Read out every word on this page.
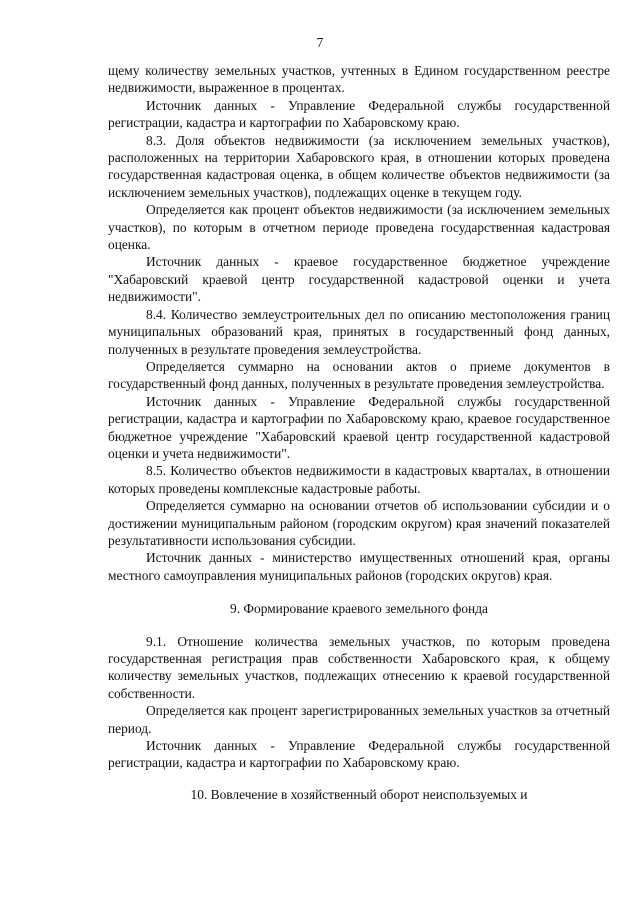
7

щему количеству земельных участков, учтенных в Едином государственном реестре недвижимости, выраженное в процентах.

Источник данных - Управление Федеральной службы государственной регистрации, кадастра и картографии по Хабаровскому краю.

8.3. Доля объектов недвижимости (за исключением земельных участков), расположенных на территории Хабаровского края, в отношении которых проведена государственная кадастровая оценка, в общем количестве объектов недвижимости (за исключением земельных участков), подлежащих оценке в текущем году.

Определяется как процент объектов недвижимости (за исключением земельных участков), по которым в отчетном периоде проведена государственная кадастровая оценка.

Источник данных - краевое государственное бюджетное учреждение "Хабаровский краевой центр государственной кадастровой оценки и учета недвижимости".

8.4. Количество землеустроительных дел по описанию местоположения границ муниципальных образований края, принятых в государственный фонд данных, полученных в результате проведения землеустройства.

Определяется суммарно на основании актов о приеме документов в государственный фонд данных, полученных в результате проведения землеустройства.

Источник данных - Управление Федеральной службы государственной регистрации, кадастра и картографии по Хабаровскому краю, краевое государственное бюджетное учреждение "Хабаровский краевой центр государственной кадастровой оценки и учета недвижимости".

8.5. Количество объектов недвижимости в кадастровых кварталах, в отношении которых проведены комплексные кадастровые работы.

Определяется суммарно на основании отчетов об использовании субсидии и о достижении муниципальным районом (городским округом) края значений показателей результативности использования субсидии.

Источник данных - министерство имущественных отношений края, органы местного самоуправления муниципальных районов (городских округов) края.

9. Формирование краевого земельного фонда

9.1. Отношение количества земельных участков, по которым проведена государственная регистрация прав собственности Хабаровского края, к общему количеству земельных участков, подлежащих отнесению к краевой государственной собственности.

Определяется как процент зарегистрированных земельных участков за отчетный период.

Источник данных - Управление Федеральной службы государственной регистрации, кадастра и картографии по Хабаровскому краю.

10. Вовлечение в хозяйственный оборот неиспользуемых и
